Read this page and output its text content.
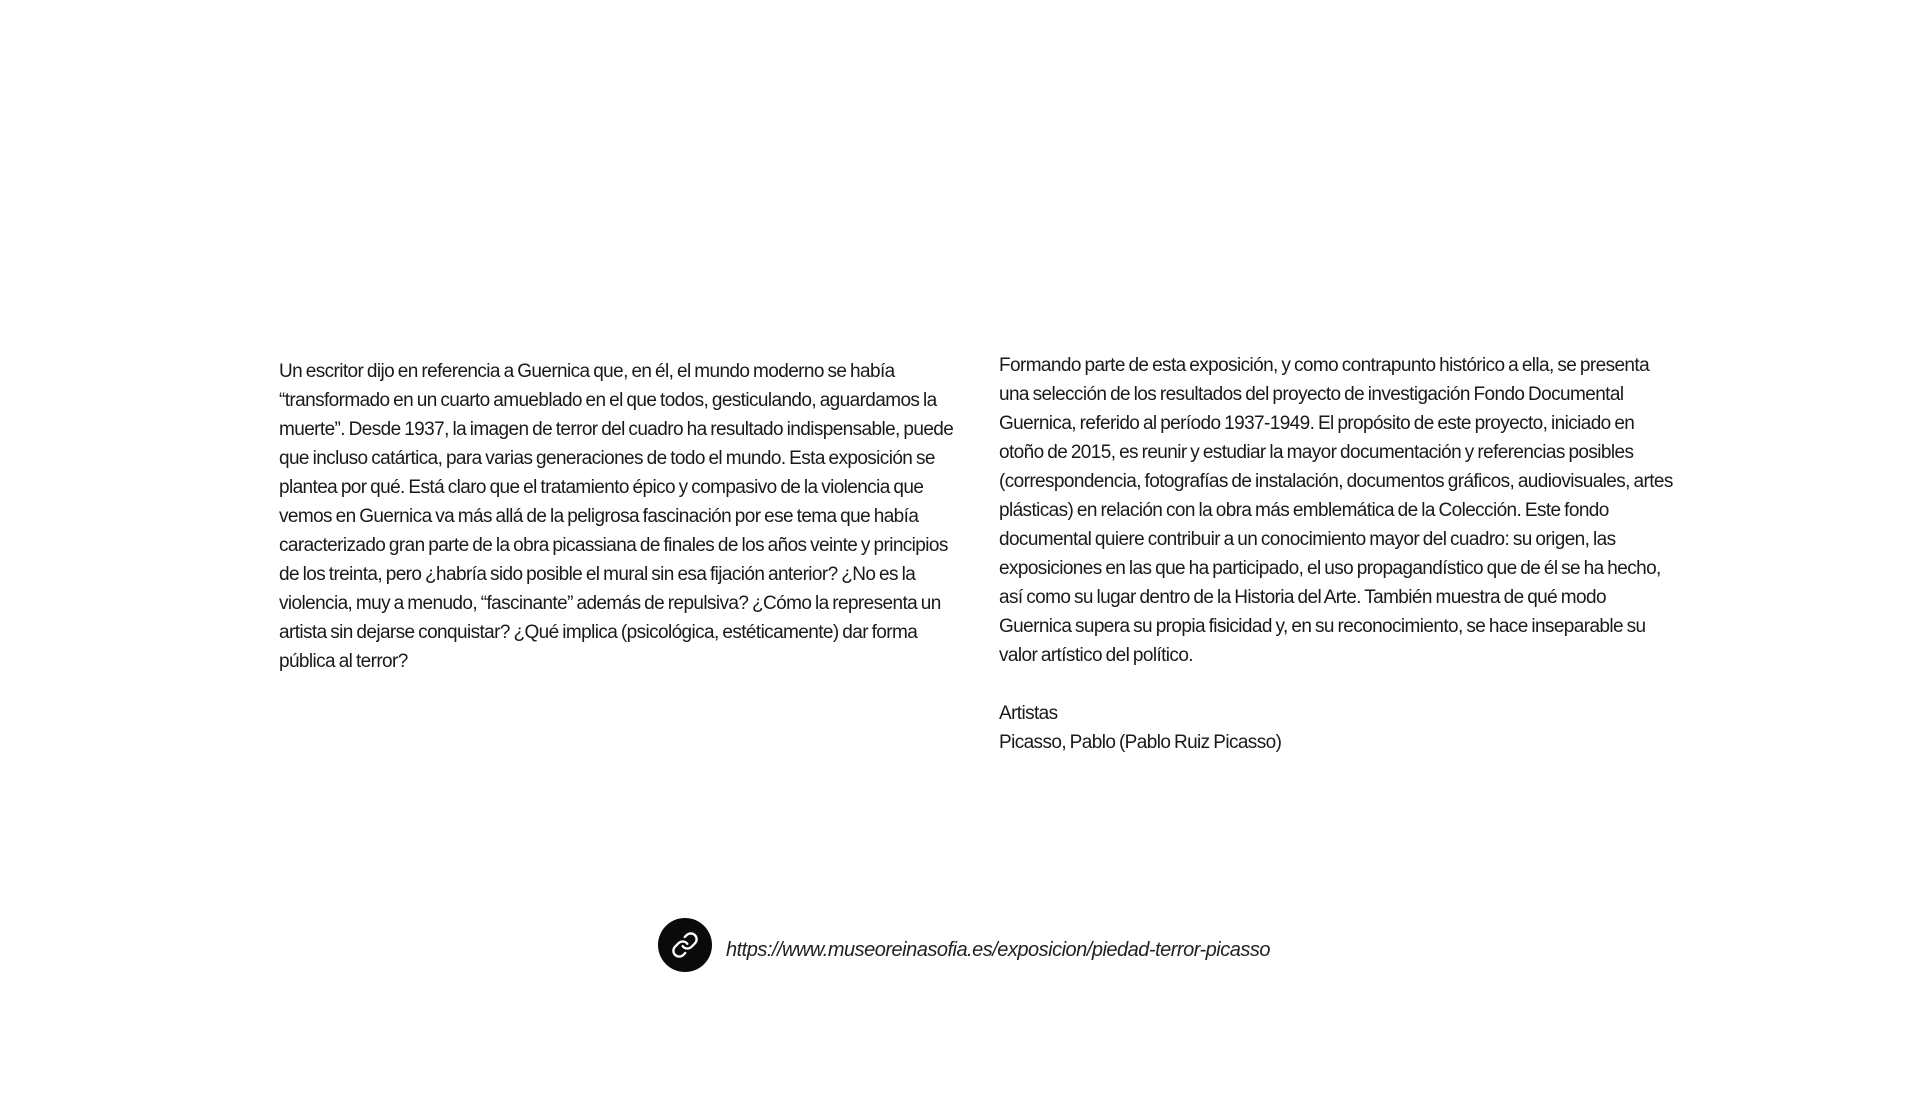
Un escritor dijo en referencia a Guernica que, en él, el mundo moderno se había “transformado en un cuarto amueblado en el que todos, gesticulando, aguardamos la muerte”. Desde 1937, la imagen de terror del cuadro ha resultado indispensable, puede que incluso catártica, para varias generaciones de todo el mundo. Esta exposición se plantea por qué. Está claro que el tratamiento épico y compasivo de la violencia que vemos en Guernica va más allá de la peligrosa fascinación por ese tema que había caracterizado gran parte de la obra picassiana de finales de los años veinte y principios de los treinta, pero ¿habría sido posible el mural sin esa fijación anterior? ¿No es la violencia, muy a menudo, “fascinante” además de repulsiva? ¿Cómo la representa un artista sin dejarse conquistar? ¿Qué implica (psicológica, estéticamente) dar forma pública al terror?

Formando parte de esta exposición, y como contrapunto histórico a ella, se presenta una selección de los resultados del proyecto de investigación Fondo Documental Guernica, referido al período 1937-1949. El propósito de este proyecto, iniciado en otoño de 2015, es reunir y estudiar la mayor documentación y referencias posibles (correspondencia, fotografías de instalación, documentos gráficos, audiovisuales, artes plásticas) en relación con la obra más emblemática de la Colección. Este fondo documental quiere contribuir a un conocimiento mayor del cuadro: su origen, las exposiciones en las que ha participado, el uso propagandístico que de él se ha hecho, así como su lugar dentro de la Historia del Arte. También muestra de qué modo Guernica supera su propia fisicidad y, en su reconocimiento, se hace inseparable su valor artístico del político.

Artistas

Picasso, Pablo (Pablo Ruiz Picasso)

https://www.museoreinasofia.es/exposicion/piedad-terror-picasso
